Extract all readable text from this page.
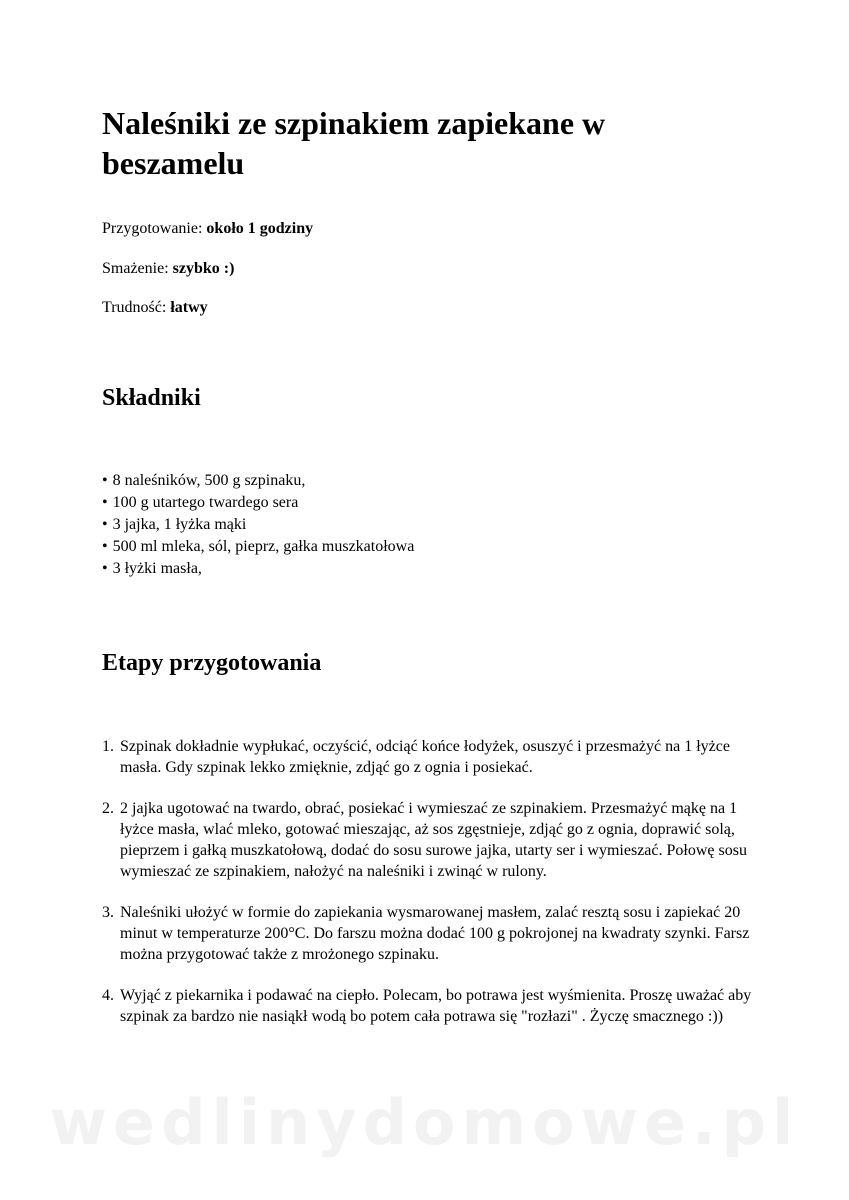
Naleśniki ze szpinakiem zapiekane w beszamelu

Przygotowanie: około 1 godziny

Smażenie: szybko :)

Trudność: łatwy

Składniki
• 8 naleśników, 500 g szpinaku,
• 100 g utartego twardego sera
• 3 jajka, 1 łyżka mąki
• 500 ml mleka, sól, pieprz, gałka muszkatołowa
• 3 łyżki masła,
Etapy przygotowania
1. Szpinak dokładnie wypłukać, oczyścić, odciąć końce łodyżek, osuszyć i przesmażyć na 1 łyżce masła. Gdy szpinak lekko zmięknie, zdjąć go z ognia i posiekać.
2. 2 jajka ugotować na twardo, obrać, posiekać i wymieszać ze szpinakiem. Przesmażyć mąkę na 1 łyżce masła, wlać mleko, gotować mieszając, aż sos zgęstnieje, zdjąć go z ognia, doprawić solą, pieprzem i gałką muszkatołową, dodać do sosu surowe jajka, utarty ser i wymieszać. Połowę sosu wymieszać ze szpinakiem, nałożyć na naleśniki i zwinąć w rulony.
3. Naleśniki ułożyć w formie do zapiekania wysmarowanej masłem, zalać resztą sosu i zapiekać 20 minut w temperaturze 200°C. Do farszu można dodać 100 g pokrojonej na kwadraty szynki. Farsz można przygotować także z mrożonego szpinaku.
4. Wyjąć z piekarnika i podawać na ciepło. Polecam, bo potrawa jest wyśmienita. Proszę uważać aby szpinak za bardzo nie nasiąkł wodą bo potem cała potrawa się "rozłazi" . Życzę smacznego :))
wedlinydomowe.pl
